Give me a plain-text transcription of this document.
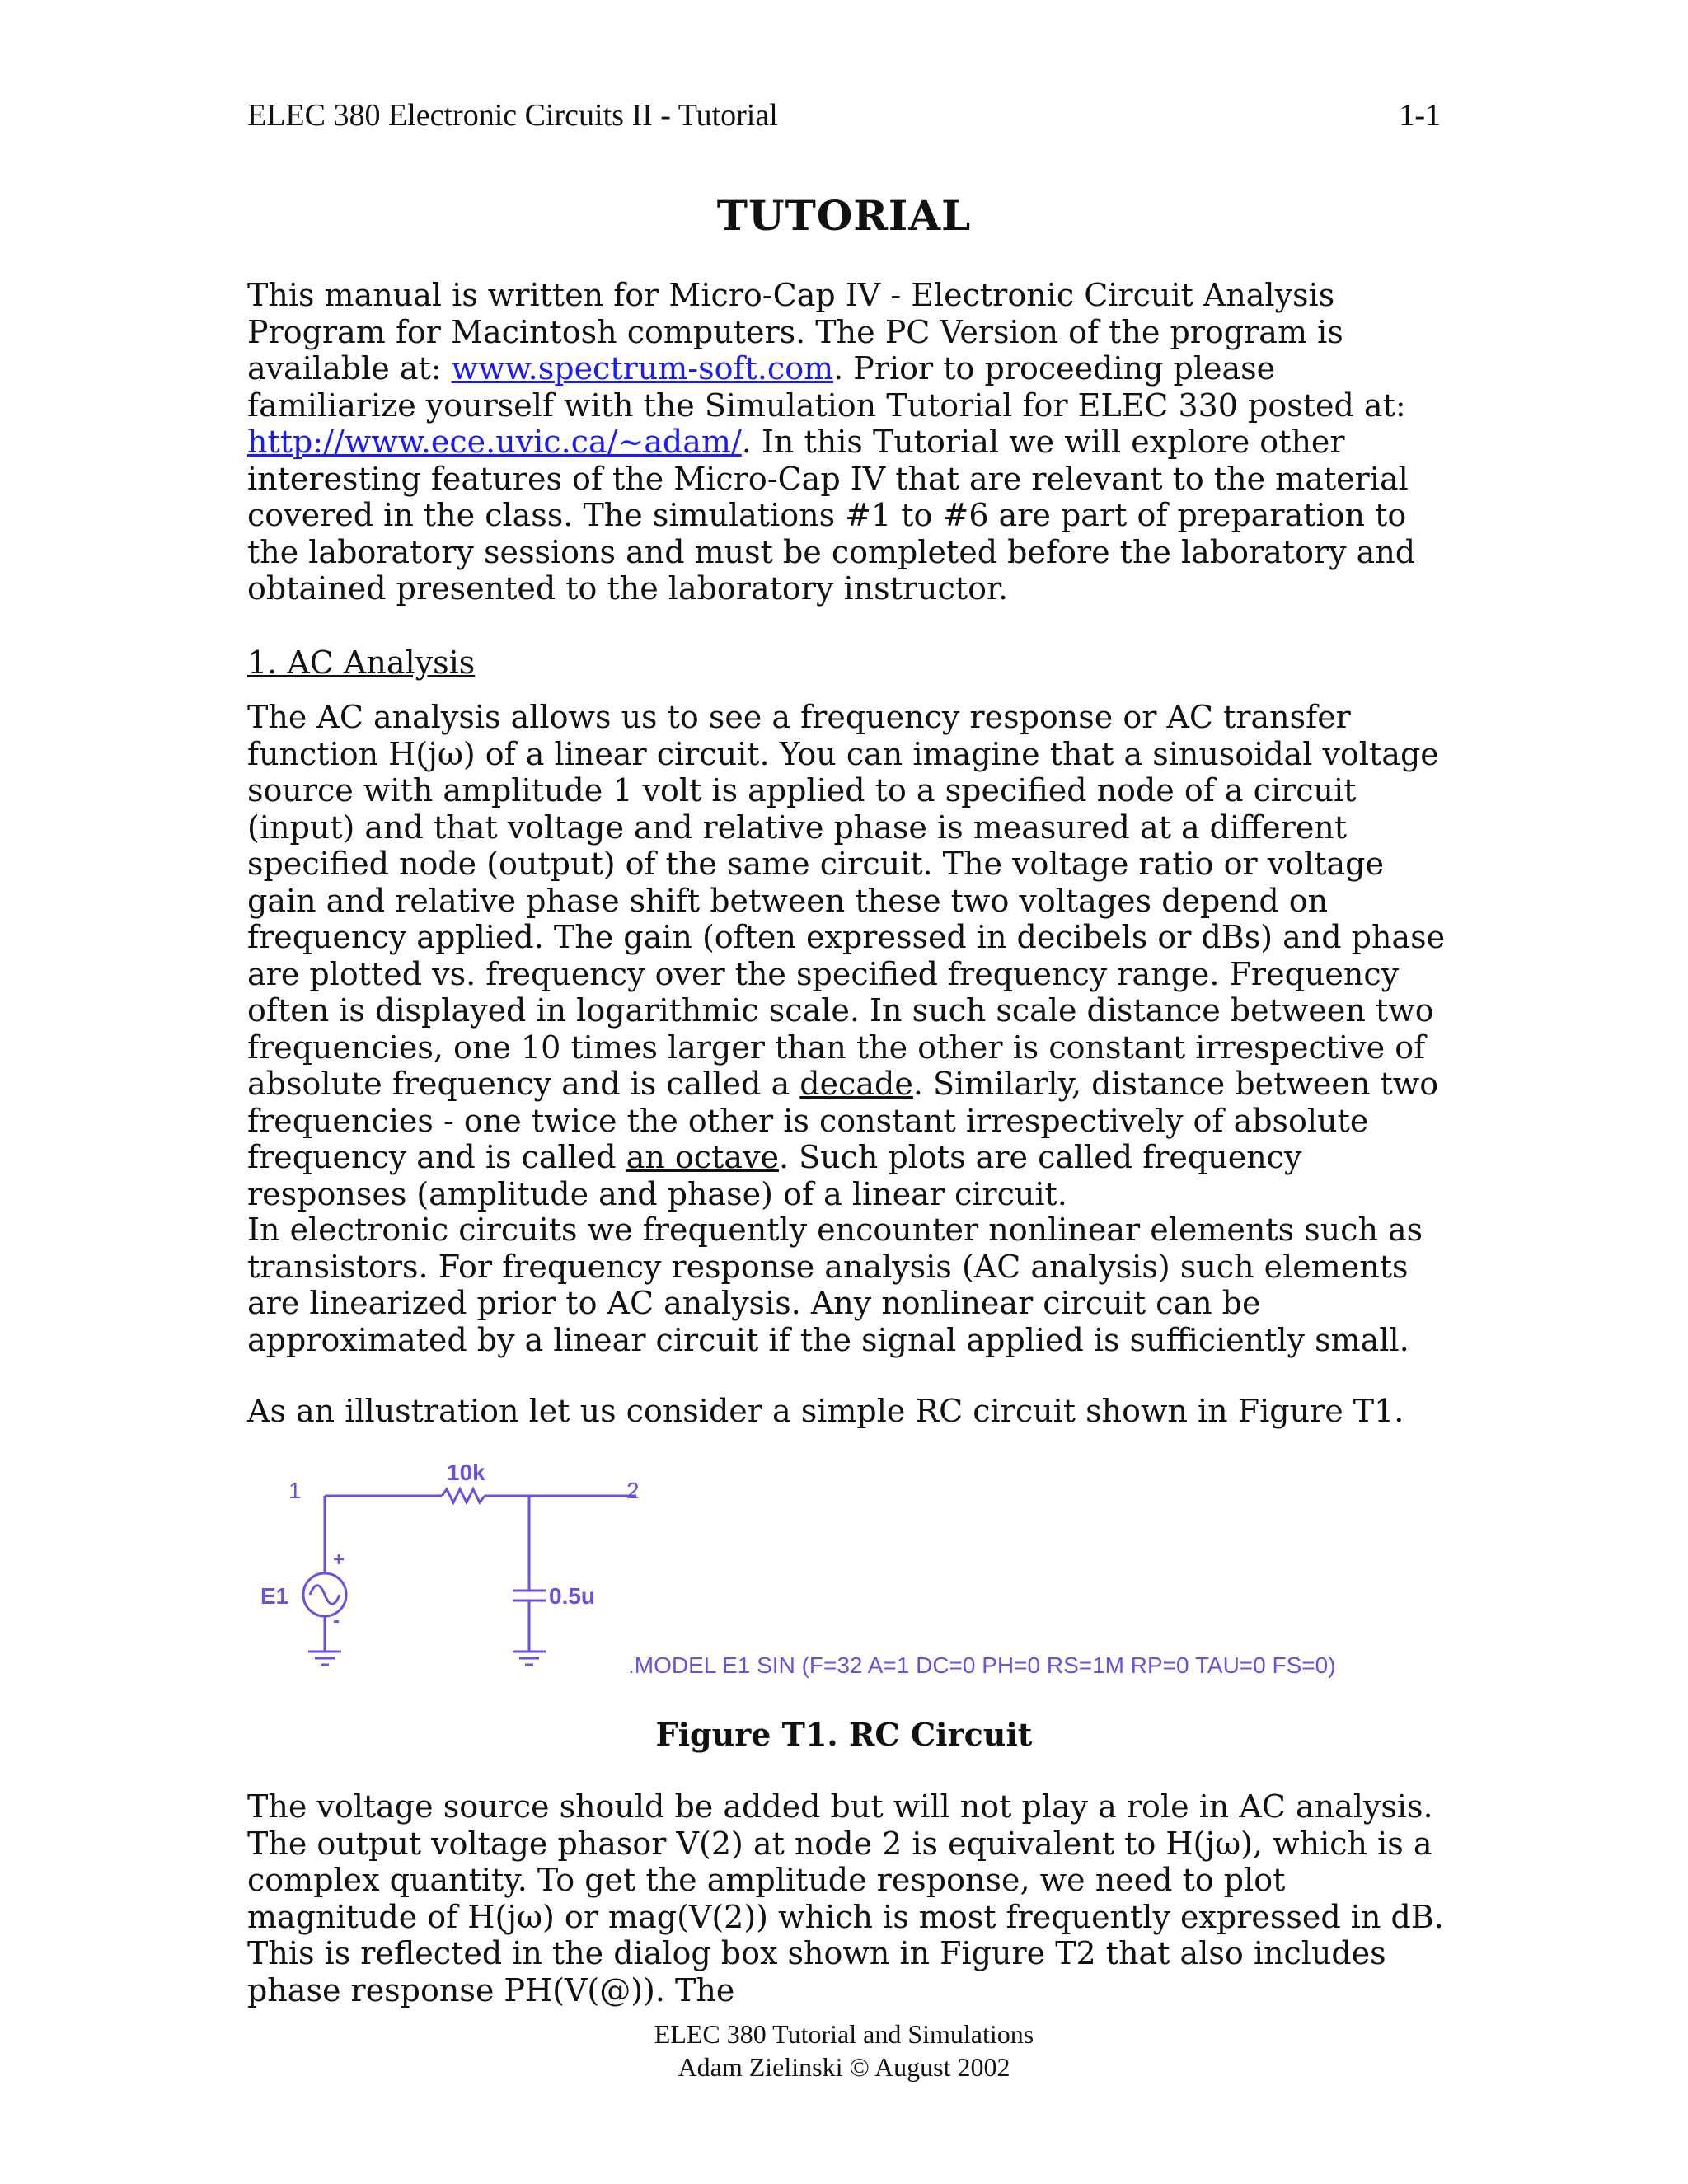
ELEC 380 Electronic Circuits II - Tutorial	1-1
TUTORIAL

This manual is written for Micro-Cap IV - Electronic Circuit Analysis Program for Macintosh computers. The PC Version of the program is available at: www.spectrum-soft.com. Prior to proceeding please familiarize yourself with the Simulation Tutorial for ELEC 330 posted at: http://www.ece.uvic.ca/~adam/. In this Tutorial we will explore other interesting features of the Micro-Cap IV that are relevant to the material covered in the class. The simulations #1 to #6 are part of preparation to the laboratory sessions and must be completed before the laboratory and obtained presented to the laboratory instructor.

1. AC Analysis

The AC analysis allows us to see a frequency response or AC transfer function H(jω) of a linear circuit. You can imagine that a sinusoidal voltage source with amplitude 1 volt is applied to a specified node of a circuit (input) and that voltage and relative phase is measured at a different specified node (output) of the same circuit. The voltage ratio or voltage gain and relative phase shift between these two voltages depend on frequency applied. The gain (often expressed in decibels or dBs) and phase are plotted vs. frequency over the specified frequency range. Frequency often is displayed in logarithmic scale. In such scale distance between two frequencies, one 10 times larger than the other is constant irrespective of absolute frequency and is called a decade. Similarly, distance between two frequencies - one twice the other is constant irrespectively of absolute frequency and is called an octave. Such plots are called frequency responses (amplitude and phase) of a linear circuit.

In electronic circuits we frequently encounter nonlinear elements such as transistors. For frequency response analysis (AC analysis) such elements are linearized prior to AC analysis. Any nonlinear circuit can be approximated by a linear circuit if the signal applied is sufficiently small.

As an illustration let us consider a simple RC circuit shown in Figure T1.

1	2
10k
0.5u
E1
+
-
.MODEL E1 SIN (F=32 A=1 DC=0 PH=0 RS=1M RP=0 TAU=0 FS=0)
Figure T1. RC Circuit

The voltage source should be added but will not play a role in AC analysis. The output voltage phasor V(2) at node 2 is equivalent to H(jω), which is a complex quantity. To get the amplitude response, we need to plot magnitude of H(jω) or mag(V(2)) which is most frequently expressed in dB. This is reflected in the dialog box shown in Figure T2 that also includes phase response PH(V(@)). The

ELEC 380 Tutorial and Simulations
Adam Zielinski © August 2002
